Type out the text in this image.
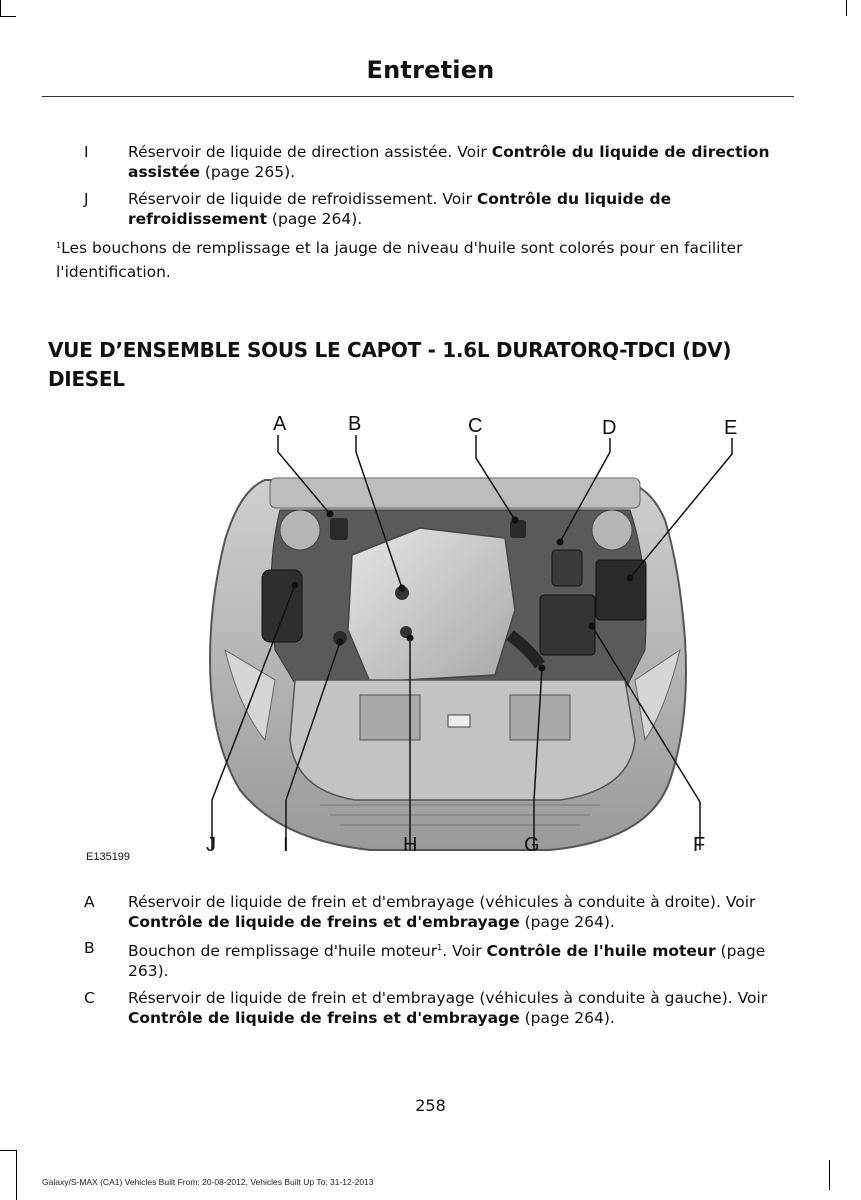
Entretien
I	Réservoir de liquide de direction assistée. Voir Contrôle du liquide de direction assistée (page 265).
J	Réservoir de liquide de refroidissement. Voir Contrôle du liquide de refroidissement (page 264).
$^1$Les bouchons de remplissage et la jauge de niveau d'huile sont colorés pour en faciliter l'identification.
VUE D’ENSEMBLE SOUS LE CAPOT - 1.6L DURATORQ-TDCI (DV) DIESEL
A	B	C	D	E
J	I	H	G	F
E135199
A Réservoir de liquide de frein et d'embrayage (véhicules à conduite à droite). Voir Contrôle de liquide de freins et d'embrayage (page 264).
B Bouchon de remplissage d'huile moteur$^1$. Voir Contrôle de l'huile moteur (page 263).
C Réservoir de liquide de frein et d'embrayage (véhicules à conduite à gauche). Voir Contrôle de liquide de freins et d'embrayage (page 264).
258
Galaxy/S-MAX (CA1) Vehicles Built From: 20-08-2012, Vehicles Built Up To: 31-12-2013
